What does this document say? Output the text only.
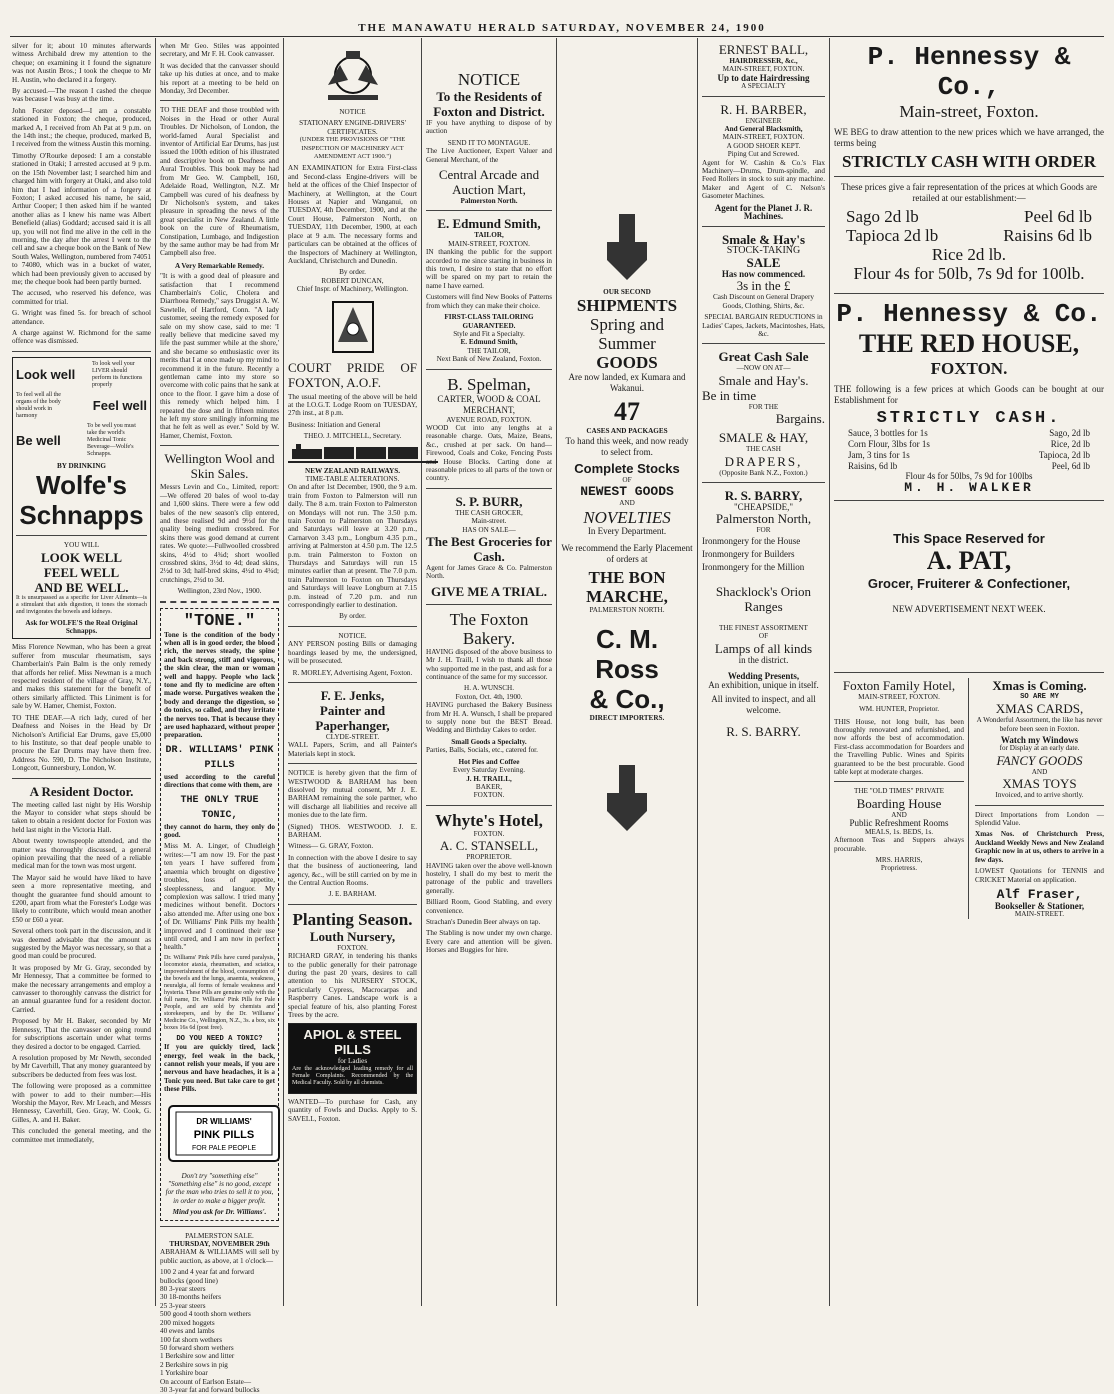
THE MANAWATU HERALD SATURDAY, NOVEMBER 24, 1900

silver for it; about 10 minutes afterwards witness Archibald drew my attention to the cheque; on examining it I found the signature was not Austin Bros.; I took the cheque to Mr H. Austin, who declared it a forgery.

By accused.—The reason I cashed the cheque was because I was busy at the time.

John Forster deposed—I am a constable stationed in Foxton; the cheque, produced, marked A, I received from Ah Pat at 9 p.m. on the 14th inst.; the cheque, produced, marked B, I received from the witness Austin this morning.

Timothy O'Rourke deposed: I am a constable stationed in Otaki; I arrested accused at 9 p.m. on the 15th November last; I searched him and charged him with forgery at Otaki, and also told him that I had information of a forgery at Foxton; I asked accused his name, he said, Arthur Cooper; I then asked him if he wanted another alias as I knew his name was Albert Benefield (alias) Goddard; accused said it is all up, you will not find me alive in the cell in the morning, the day after the arrest I went to the cell and saw a cheque book on the Bank of New South Wales, Wellington, numbered from 74051 to 74080, which was in a bucket of water, which had been previously given to accused by me; the cheque book had been partly burned.

The accused, who reserved his defence, was committed for trial.

G. Wright was fined 5s. for breach of school attendance.

A charge against W. Richmond for the same offence was dismissed.

Look well
To look well your LIVER should perform its functions properly
To feel well all the organs of the body should work in harmony
Feel well
Be well
To be well you must take the world's Medicinal Tonic Beverage—Wolfe's Schnapps.
BY DRINKING
Wolfe's
Schnapps
YOU WILL
LOOK WELL
FEEL WELL
AND BE WELL.

It is unsurpassed as a specific for Liver Ailments—is a stimulant that aids digestion, it tones the stomach and invigorates the bowels and kidneys.

Ask for WOLFE'S the Real Original Schnapps.

Miss Florence Newman, who has been a great sufferer from muscular rheumatism, says Chamberlain's Pain Balm is the only remedy that affords her relief. Miss Newman is a much respected resident of the village of Gray, N.Y., and makes this statement for the benefit of others similarly afflicted. This Liniment is for sale by W. Hamer, Chemist, Foxton.

TO THE DEAF.—A rich lady, cured of her Deafness and Noises in the Head by Dr Nicholson's Artificial Ear Drums, gave £5,000 to his Institute, so that deaf people unable to procure the Ear Drums may have them free. Address No. 590, D. The Nicholson Institute, Longcott, Gunnersbury, London, W.

A Resident Doctor.

The meeting called last night by His Worship the Mayor to consider what steps should be taken to obtain a resident doctor for Foxton was held last night in the Victoria Hall.

About twenty townspeople attended, and the matter was thoroughly discussed, a general opinion prevailing that the need of a reliable medical man for the town was most urgent.

The Mayor said he would have liked to have seen a more representative meeting, and thought the guarantee fund should amount to £200, apart from what the Forester's Lodge was likely to contribute, which would mean another £50 or £60 a year.

Several others took part in the discussion, and it was deemed advisable that the amount as suggested by the Mayor was necessary, so that a good man could be procured.

It was proposed by Mr G. Gray, seconded by Mr Hennessy, That a committee be formed to make the necessary arrangements and employ a canvasser to thoroughly canvass the district for an annual guarantee fund for a resident doctor. Carried.

Proposed by Mr H. Baker, seconded by Mr Hennessy, That the canvasser on going round for subscriptions ascertain under what terms they desired a doctor to be engaged. Carried.

A resolution proposed by Mr Newth, seconded by Mr Caverhill, That any money guaranteed by subscribers be deducted from fees was lost.

The following were proposed as a committee with power to add to their number:—His Worship the Mayor, Rev. Mr Leach, and Messrs Hennessy, Caverhill, Geo. Gray, W. Cook, G. Gilles, A. and H. Baker.

This concluded the general meeting, and the committee met immediately,

when Mr Geo. Stiles was appointed secretary, and Mr F. H. Cook canvasser.

It was decided that the canvasser should take up his duties at once, and to make his report at a meeting to be held on Monday, 3rd December.

TO THE DEAF and those troubled with Noises in the Head or other Aural Troubles. Dr Nicholson, of London, the world-famed Aural Specialist and inventor of Artificial Ear Drums, has just issued the 100th edition of his illustrated and descriptive book on Deafness and Aural Troubles. This book may be had from Mr Geo. W. Campbell, 160, Adelaide Road, Wellington, N.Z. Mr Campbell was cured of his deafness by Dr Nicholson's system, and takes pleasure in spreading the news of the great specialist in New Zealand. A little book on the cure of Rheumatism, Constipation, Lumbago, and Indigestion by the same author may be had from Mr Campbell also free.

A Very Remarkable Remedy.

"It is with a good deal of pleasure and satisfaction that I recommend Chamberlain's Colic, Cholera and Diarrhoea Remedy," says Druggist A. W. Sawtelle, of Hartford, Conn. "A lady customer, seeing the remedy exposed for sale on my show case, said to me: 'I really believe that medicine saved my life the past summer while at the shore,' and she became so enthusiastic over its merits that I at once made up my mind to recommend it in the future. Recently a gentleman came into my store so overcome with colic pains that he sank at once to the floor. I gave him a dose of this remedy which helped him. I repeated the dose and in fifteen minutes he left my store smilingly informing me that he felt as well as ever." Sold by W. Hamer, Chemist, Foxton.

Wellington Wool and Skin Sales.

Messrs Levin and Co., Limited, report:—We offered 20 bales of wool to-day and 1,600 skins. There were a few odd bales of the new season's clip entered, and these realised 9d and 9½d for the quality being medium crossbred. For skins there was good demand at current rates. We quote:—Fullwoolled crossbred skins, 4½d to 4¾d; short woolled crossbred skins, 3½d to 4d; dead skins, 2½d to 3d; half-bred skins, 4½d to 4¾d; crutchings, 2½d to 3d.

Wellington, 23rd Nov., 1900.

"TONE."

Tone is the condition of the body when all is in good order, the blood rich, the nerves steady, the spine and back strong, stiff and vigorous, the skin clear, the man or woman well and happy. People who lack tone and fly to medicine are often made worse. Purgatives weaken the body and derange the digestion, so do tonics, so called, and they irritate the nerves too. That is because they are used haphazard, without proper preparation.

DR. WILLIAMS' PINK PILLS

used according to the careful directions that come with them, are

THE ONLY TRUE TONIC,

they cannot do harm, they only do good.

Miss M. A. Linger, of Chudleigh writes:—"I am now 19. For the past ten years I have suffered from anaemia which brought on digestive troubles, loss of appetite, sleeplessness, and languor. My complexion was sallow. I tried many medicines without benefit. Doctors also attended me. After using one box of Dr. Williams' Pink Pills my health improved and I continued their use until cured, and I am now in perfect health."

Dr. Williams' Pink Pills have cured paralysis, locomotor ataxia, rheumatism, and sciatica, impoverishment of the blood, consumption of the bowels and the lungs, anaemia, weakness, neuralgia, all forms of female weakness and hysteria. These Pills are genuine only with the full name, Dr. Williams' Pink Pills for Pale People, and are sold by chemists and storekeepers, and by the Dr. Williams' Medicine Co., Wellington, N.Z., 3s. a box, six boxes 16s 6d (post free).

DO YOU NEED A TONIC?

If you are quickly tired, lack energy, feel weak in the back, cannot relish your meals, if you are nervous and have headaches, it is a Tonic you need. But take care to get these Pills.

DR WILLIAMS'
PINK PILLS
FOR PALE PEOPLE

Don't try "something else" "Something else" is no good, except for the man who tries to sell it to you, in order to make a bigger profit.

Mind you ask for Dr. Williams'.
PALMERSTON SALE.
THURSDAY, NOVEMBER 29th

ABRAHAM & WILLIAMS will sell by public auction, as above, at 1 o'clock—

100 2 and 4 year fat and forward bullocks (good line)
80 3-year steers
30 18-months heifers
25 3-year steers
500 good 4 tooth shorn wethers
200 mixed hoggets
40 ewes and lambs
100 fat shorn wethers
50 forward shorn wethers
1 Berkshire sow and litter
2 Berkshire sows in pig
1 Yorkshire boar
On account of Earlson Estate—
30 3-year fat and forward bullocks
NOTICE
STATIONARY ENGINE-DRIVERS' CERTIFICATES.

(UNDER THE PROVISIONS OF "THE INSPECTION OF MACHINERY ACT AMENDMENT ACT 1900.")

AN EXAMINATION for Extra First-class and Second-class Engine-drivers will be held at the offices of the Chief Inspector of Machinery, at Wellington, at the Court Houses at Napier and Wanganui, on TUESDAY, 4th December, 1900, and at the Court House, Palmerston North, on TUESDAY, 11th December, 1900, at each place at 9 a.m. The necessary forms and particulars can be obtained at the offices of the Inspectors of Machinery at Wellington, Auckland, Christchurch and Dunedin.

By order.
ROBERT DUNCAN,
Chief Inspr. of Machinery, Wellington.

COURT PRIDE OF FOXTON, A.O.F.

The usual meeting of the above will be held at the I.O.G.T. Lodge Room on TUESDAY, 27th inst., at 8 p.m.

Business: Initiation and General

THEO. J. MITCHELL, Secretary.
NEW ZEALAND RAILWAYS.
TIME-TABLE ALTERATIONS.

On and after 1st December, 1900, the 9 a.m. train from Foxton to Palmerston will run daily. The 8 a.m. train Foxton to Palmerston on Mondays will not run. The 3.50 p.m. train Foxton to Palmerston on Thursdays and Saturdays will leave at 3.20 p.m., Carnarvon 3.43 p.m., Longburn 4.35 p.m., arriving at Palmerston at 4.50 p.m. The 12.5 p.m. train Palmerston to Foxton on Thursdays and Saturdays will run 15 minutes earlier than at present. The 7.0 p.m. train Palmerston to Foxton on Thursdays and Saturdays will leave Longburn at 7.15 p.m. instead of 7.20 p.m. and run correspondingly earlier to destination.

By order.
NOTICE.

ANY PERSON posting Bills or damaging hoardings leased by me, the undersigned, will be prosecuted.

R. MORLEY, Advertising Agent, Foxton.
F. E. Jenks,
Painter and Paperhanger,
CLYDE-STREET.

WALL Papers, Scrim, and all Painter's Materials kept in stock.

NOTICE is hereby given that the firm of WESTWOOD & BARHAM has been dissolved by mutual consent, Mr J. E. BARHAM remaining the sole partner, who will discharge all liabilities and receive all monies due to the late firm.

(Signed) THOS. WESTWOOD. J. E. BARHAM.

Witness— G. GRAY, Foxton.

In connection with the above I desire to say that the business of auctioneering, land agency, &c., will be still carried on by me in the Central Auction Rooms.

J. E. BARHAM.
Planting Season.
Louth Nursery,
FOXTON.

RICHARD GRAY, in tendering his thanks to the public generally for their patronage during the past 20 years, desires to call attention to his NURSERY STOCK, particularly Cypress, Macrocarpas and Raspberry Canes. Landscape work is a special feature of his, also planting Forest Trees by the acre.

APIOL & STEEL PILLS
for Ladies

Are the acknowledged leading remedy for all Female Complaints. Recommended by the Medical Faculty. Sold by all chemists.

WANTED—To purchase for Cash, any quantity of Fowls and Ducks. Apply to S. SAVELL, Foxton.

NOTICE
To the Residents of Foxton and District.

IF you have anything to dispose of by auction

SEND IT TO MONTAGUE.

The Live Auctioneer, Expert Valuer and General Merchant, of the

Central Arcade and Auction Mart,
Palmerston North.
E. Edmund Smith,
TAILOR,
MAIN-STREET, FOXTON.

IN thanking the public for the support accorded to me since starting in business in this town, I desire to state that no effort will be spared on my part to retain the name I have earned.

Customers will find New Books of Patterns from which they can make their choice.

FIRST-CLASS TAILORING GUARANTEED.
Style and Fit a Specialty.
E. Edmund Smith,
THE TAILOR,
Next Bank of New Zealand, Foxton.
B. Spelman,
CARTER, WOOD & COAL MERCHANT,
AVENUE ROAD, FOXTON.

WOOD Cut into any lengths at a reasonable charge. Oats, Maize, Beans, &c., crushed at per sack. On hand—Firewood, Coals and Coke, Fencing Posts and House Blocks. Carting done at reasonable prices to all parts of the town or country.

S. P. BURR,
THE CASH GROCER,
Main-street.
HAS ON SALE—
The Best Groceries for Cash.

Agent for James Grace & Co. Palmerston North.

GIVE ME A TRIAL.
The Foxton Bakery.

HAVING disposed of the above business to Mr J. H. Traill, I wish to thank all those who supported me in the past, and ask for a continuance of the same for my successor.

H. A. WUNSCH.
Foxton, Oct. 4th, 1900.

HAVING purchased the Bakery Business from Mr H. A. Wunsch, I shall be prepared to supply none but the BEST Bread. Wedding and Birthday Cakes to order.

Small Goods a Specialty.

Parties, Balls, Socials, etc., catered for.

Hot Pies and Coffee
Every Saturday Evening.
J. H. TRAILL,
BAKER,
FOXTON.
Whyte's Hotel,
FOXTON.
A. C. STANSELL,
PROPRIETOR.

HAVING taken over the above well-known hostelry, I shall do my best to merit the patronage of the public and travellers generally.

Billiard Room, Good Stabling, and every convenience.

Strachan's Dunedin Beer always on tap.

The Stabling is now under my own charge. Every care and attention will be given. Horses and Buggies for hire.

OUR SECOND
SHIPMENTS
Spring and Summer
GOODS

Are now landed, ex Kumara and Wakanui.

47
CASES AND PACKAGES

To hand this week, and now ready to select from.

Complete Stocks
OF
NEWEST GOODS
AND
NOVELTIES
In Every Department.

We recommend the Early Placement of orders at

THE BON MARCHE,
PALMERSTON NORTH.
C. M. Ross
& Co.,
DIRECT IMPORTERS.
ERNEST BALL,
HAIRDRESSER, &c.,
MAIN-STREET, FOXTON.
Up to date Hairdressing
A SPECIALTY
R. H. BARBER,
ENGINEER
And General Blacksmith,
MAIN-STREET, FOXTON.
A GOOD SHOER KEPT.
Piping Cut and Screwed.

Agent for W. Cashin & Co.'s Flax Machinery—Drums, Drum-spindle, and Feed Rollers in stock to suit any machine. Maker and Agent of C. Nelson's Gasometer Machines.

Agent for the Planet J. R. Machines.
Smale & Hay's
STOCK-TAKING
SALE
Has now commenced.
3s in the £

Cash Discount on General Drapery Goods, Clothing, Shirts, &c.

SPECIAL BARGAIN REDUCTIONS in Ladies' Capes, Jackets, Macintoshes, Hats, &c.

Great Cash Sale
—NOW ON AT—
Smale and Hay's.
Be in time
FOR THE
Bargains.
SMALE & HAY,
THE CASH
DRAPERS,
(Opposite Bank N.Z., Foxton.)
R. S. BARRY,
"CHEAPSIDE,"
Palmerston North,
FOR
Ironmongery for the House
Ironmongery for Builders
Ironmongery for the Million
Shacklock's Orion Ranges
THE FINEST ASSORTMENT
OF
Lamps of all kinds
in the district.
Wedding Presents,

An exhibition, unique in itself.

All invited to inspect, and all welcome.

R. S. BARRY.
P. Hennessy & Co.,
Main-street, Foxton.

WE BEG to draw attention to the new prices which we have arranged, the terms being

STRICTLY CASH WITH ORDER

These prices give a fair representation of the prices at which Goods are retailed at our establishment:—

Sago 2d lb	Peel 6d lb
Tapioca 2d lb	Raisins 6d lb
Rice 2d lb.
Flour 4s for 50lb, 7s 9d for 100lb.
P. Hennessy & Co.
THE RED HOUSE,
FOXTON.

THE following is a few prices at which Goods can be bought at our Establishment for

STRICTLY CASH.
Sauce, 3 bottles for 1s	Sago, 2d lb
Corn Flour, 3lbs for 1s	Rice, 2d lb
Jam, 3 tins for 1s	Tapioca, 2d lb
Raisins, 6d lb	Peel, 6d lb
Flour 4s for 50lbs, 7s 9d for 100lbs
M. H. WALKER
This Space Reserved for
A. PAT,
Grocer, Fruiterer & Confectioner,
NEW ADVERTISEMENT NEXT WEEK.
Foxton Family Hotel,
MAIN-STREET, FOXTON.
WM. HUNTER, Proprietor.

THIS House, not long built, has been thoroughly renovated and refurnished, and now affords the best of accommodation. First-class accommodation for Boarders and the Travelling Public. Wines and Spirits guaranteed to be the best procurable. Good table kept at moderate charges.

THE "OLD TIMES" PRIVATE
Boarding House
AND
Public Refreshment Rooms
MEALS, 1s. BEDS, 1s.

Afternoon Teas and Suppers always procurable.

MRS. HARRIS,
Proprietress.
Xmas is Coming.
SO ARE MY
XMAS CARDS,

A Wonderful Assortment, the like has never before been seen in Foxton.

Watch my Windows
for Display at an early date.
FANCY GOODS
AND
XMAS TOYS
Invoiced, and to arrive shortly.

Direct Importations from London —Splendid Value.

Xmas Nos. of Christchurch Press, Auckland Weekly News and New Zealand Graphic now in at us, others to arrive in a few days.

LOWEST Quotations for TENNIS and CRICKET Material on application.

Alf Fraser,
Bookseller & Stationer,
MAIN-STREET.
